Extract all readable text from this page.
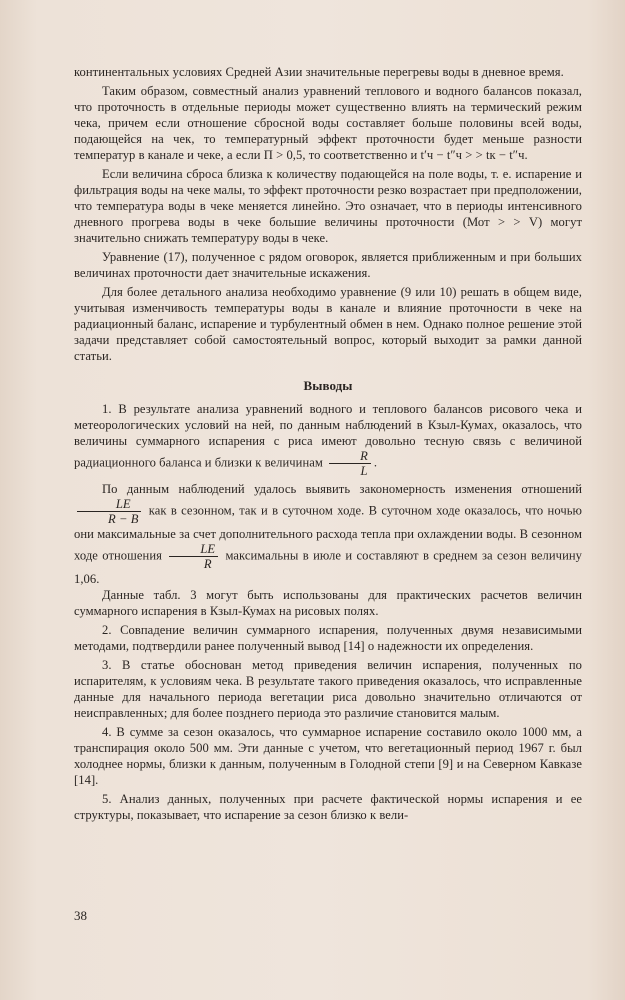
континентальных условиях Средней Азии значительные перегревы воды в дневное время.

Таким образом, совместный анализ уравнений теплового и водного балансов показал, что проточность в отдельные периоды может существенно влиять на термический режим чека, причем если отношение сбросной воды составляет больше половины всей воды, подающейся на чек, то температурный эффект проточности будет меньше разности температур в канале и чеке, а если П > 0,5, то соответственно и t′ч − t″ч > > tк − t″ч.

Если величина сброса близка к количеству подающейся на поле воды, т. е. испарение и фильтрация воды на чеке малы, то эффект проточности резко возрастает при предположении, что температура воды в чеке меняется линейно. Это означает, что в периоды интенсивного дневного прогрева воды в чеке большие величины проточности (Мот > > V) могут значительно снижать температуру воды в чеке.

Уравнение (17), полученное с рядом оговорок, является приближенным и при больших величинах проточности дает значительные искажения.

Для более детального анализа необходимо уравнение (9 или 10) решать в общем виде, учитывая изменчивость температуры воды в канале и влияние проточности в чеке на радиационный баланс, испарение и турбулентный обмен в нем. Однако полное решение этой задачи представляет собой самостоятельный вопрос, который выходит за рамки данной статьи.

Выводы

1. В результате анализа уравнений водного и теплового балансов рисового чека и метеорологических условий на ней, по данным наблюдений в Кзыл-Кумах, оказалось, что величины суммарного испарения с риса имеют довольно тесную связь с величиной радиационного баланса и близки к величинам $\frac{R}{L}$ .

По данным наблюдений удалось выявить закономерность изменения отношений
$\frac{LE}{R - B}$ как в сезонном, так и в суточном ходе. В суточном ходе оказалось, что ночью они максимальные за счет дополнительного расхода тепла при охлаждении воды. В сезонном ходе отношения $\frac{LE}{R}$ максимальны в июле и составляют в среднем за сезон величину 1,06.

Данные табл. 3 могут быть использованы для практических расчетов величин суммарного испарения в Кзыл-Кумах на рисовых полях.

2. Совпадение величин суммарного испарения, полученных двумя независимыми методами, подтвердили ранее полученный вывод [14] о надежности их определения.

3. В статье обоснован метод приведения величин испарения, полученных по испарителям, к условиям чека. В результате такого приведения оказалось, что исправленные данные для начального периода вегетации риса довольно значительно отличаются от неисправленных; для более позднего периода это различие становится малым.

4. В сумме за сезон оказалось, что суммарное испарение составило около 1000 мм, а транспирация около 500 мм. Эти данные с учетом, что вегетационный период 1967 г. был холоднее нормы, близки к данным, полученным в Голодной степи [9] и на Северном Кавказе [14].

5. Анализ данных, полученных при расчете фактической нормы испарения и ее структуры, показывает, что испарение за сезон близко к вели-

38
